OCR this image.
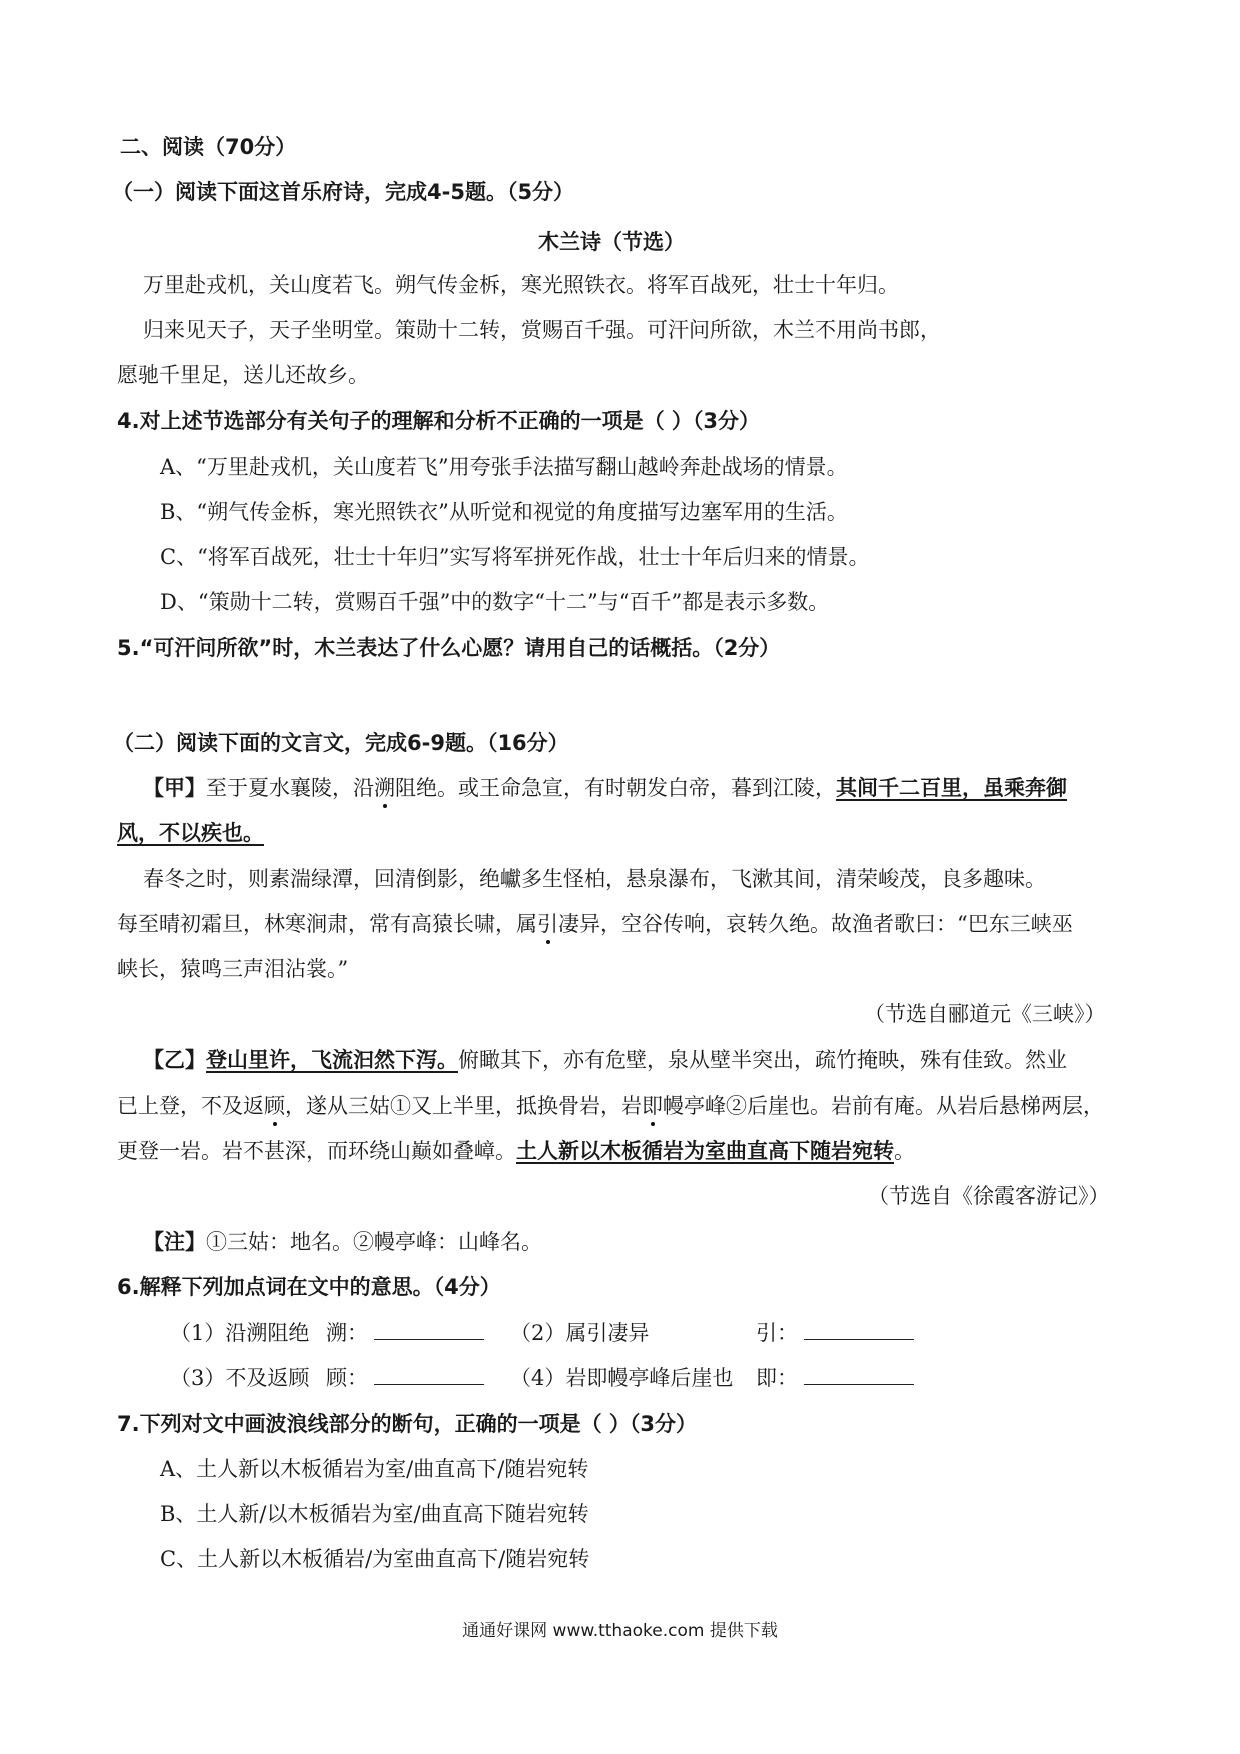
二、阅读（70分）
（一）阅读下面这首乐府诗，完成4-5题。（5分）
木兰诗（节选）
万里赴戎机，关山度若飞。朔气传金柝，寒光照铁衣。将军百战死，壮士十年归。
归来见天子，天子坐明堂。策勋十二转，赏赐百千强。可汗问所欲，木兰不用尚书郎，
愿驰千里足，送儿还故乡。
4.对上述节选部分有关句子的理解和分析不正确的一项是（ ）（3分）
A、“万里赴戎机，关山度若飞”用夸张手法描写翻山越岭奔赴战场的情景。
B、“朔气传金柝，寒光照铁衣”从听觉和视觉的角度描写边塞军用的生活。
C、“将军百战死，壮士十年归”实写将军拼死作战，壮士十年后归来的情景。
D、“策勋十二转，赏赐百千强”中的数字“十二”与“百千”都是表示多数。
5.“可汗问所欲”时，木兰表达了什么心愿？请用自己的话概括。（2分）
（二）阅读下面的文言文，完成6-9题。（16分）
【甲】至于夏水襄陵，沿溯阻绝。或王命急宣，有时朝发白帝，暮到江陵，其间千二百里，虽乘奔御
风，不以疾也。
春冬之时，则素湍绿潭，回清倒影，绝巘多生怪柏，悬泉瀑布，飞漱其间，清荣峻茂，良多趣味。
每至晴初霜旦，林寒涧肃，常有高猿长啸，属引凄异，空谷传响，哀转久绝。故渔者歌曰：“巴东三峡巫
峡长，猿鸣三声泪沾裳。”
（节选自郦道元《三峡》）
【乙】登山里许，飞流汩然下泻。俯瞰其下，亦有危壁，泉从壁半突出，疏竹掩映，殊有佳致。然业
已上登，不及返顾，遂从三姑①又上半里，抵换骨岩，岩即幔亭峰②后崖也。岩前有庵。从岩后悬梯两层，
更登一岩。岩不甚深，而环绕山巅如叠嶂。土人新以木板循岩为室曲直高下随岩宛转。
（节选自《徐霞客游记》）
【注】①三姑：地名。②幔亭峰：山峰名。
6.解释下列加点词在文中的意思。（4分）
（1）沿溯阻绝 溯：	（2）属引凄异	引：
（3）不及返顾 顾：	（4）岩即幔亭峰后崖也 即：
7.下列对文中画波浪线部分的断句，正确的一项是（ ）（3分）
A、土人新以木板循岩为室/曲直高下/随岩宛转
B、土人新/以木板循岩为室/曲直高下随岩宛转
C、土人新以木板循岩/为室曲直高下/随岩宛转
通通好课网 www.tthaoke.com 提供下载
